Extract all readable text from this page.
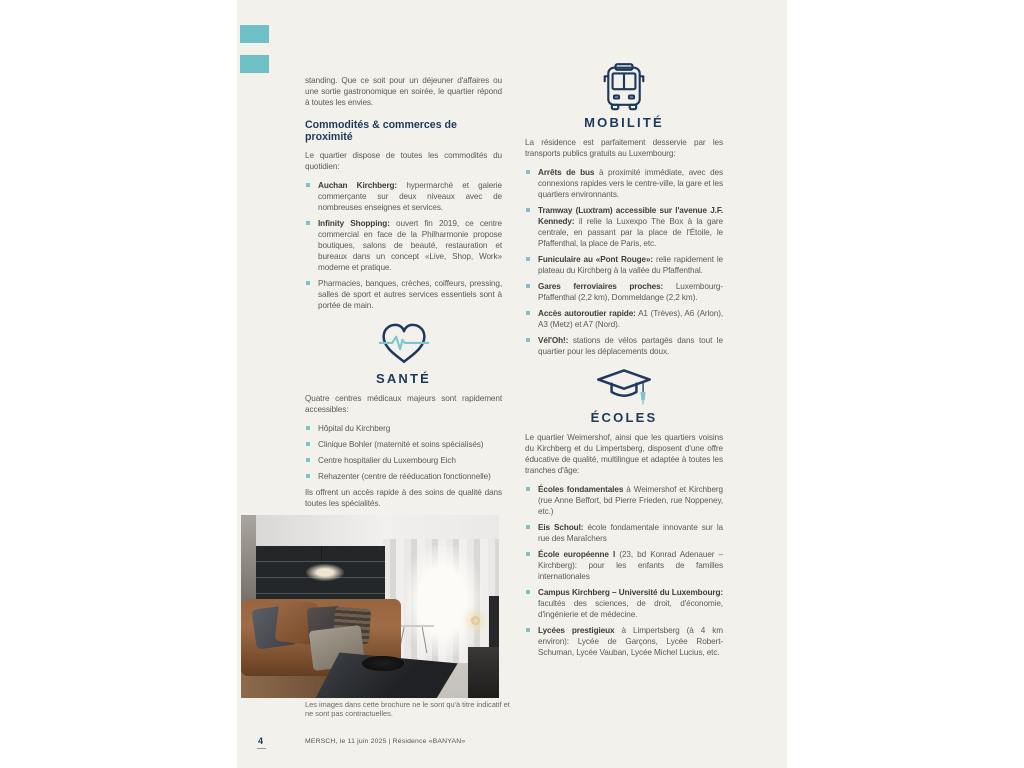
standing. Que ce soit pour un déjeuner d'affaires ou une sortie gastronomique en soirée, le quartier répond à toutes les envies.

Commodités & commerces de proximité

Le quartier dispose de toutes les commodités du quotidien:

Auchan Kirchberg: hypermarché et galerie commerçante sur deux niveaux avec de nombreuses enseignes et services.
Infinity Shopping: ouvert fin 2019, ce centre commercial en face de la Philharmonie propose boutiques, salons de beauté, restauration et bureaux dans un concept «Live, Shop, Work» moderne et pratique.
Pharmacies, banques, crèches, coiffeurs, pressing, salles de sport et autres services essentiels sont à portée de main.
SANTÉ

Quatre centres médicaux majeurs sont rapidement accessibles:

Hôpital du Kirchberg
Clinique Bohler (maternité et soins spécialisés)
Centre hospitalier du Luxembourg Eich
Rehazenter (centre de rééducation fonctionnelle)

Ils offrent un accès rapide à des soins de qualité dans toutes les spécialités.

MOBILITÉ

La résidence est parfaitement desservie par les transports publics gratuits au Luxembourg:

Arrêts de bus à proximité immédiate, avec des connexions rapides vers le centre-ville, la gare et les quartiers environnants.
Tramway (Luxtram) accessible sur l'avenue J.F. Kennedy: il relie la Luxexpo The Box à la gare centrale, en passant par la place de l'Étoile, le Pfaffenthal, la place de Paris, etc.
Funiculaire au «Pont Rouge»: relie rapidement le plateau du Kirchberg à la vallée du Pfaffenthal.
Gares ferroviaires proches: Luxembourg-Pfaffenthal (2,2 km), Dommeldange (2,2 km).
Accès autoroutier rapide: A1 (Trèves), A6 (Arlon), A3 (Metz) et A7 (Nord).
Vél'Oh!: stations de vélos partagés dans tout le quartier pour les déplacements doux.
ÉCOLES

Le quartier Weimershof, ainsi que les quartiers voisins du Kirchberg et du Limpertsberg, disposent d'une offre éducative de qualité, multilingue et adaptée à toutes les tranches d'âge:

Écoles fondamentales à Weimershof et Kirchberg (rue Anne Beffort, bd Pierre Frieden, rue Noppeney, etc.)
Eis Schoul: école fondamentale innovante sur la rue des Maraîchers
École européenne I (23, bd Konrad Adenauer – Kirchberg): pour les enfants de familles internationales
Campus Kirchberg – Université du Luxembourg: facultés des sciences, de droit, d'économie, d'ingénierie et de médecine.
Lycées prestigieux à Limpertsberg (à 4 km environ): Lycée de Garçons, Lycée Robert-Schuman, Lycée Vauban, Lycée Michel Lucius, etc.

Les images dans cette brochure ne le sont qu'à titre indicatif et ne sont pas contractuelles.

4	MERSCH, le 11 juin 2025 | Résidence «BANYAN»
